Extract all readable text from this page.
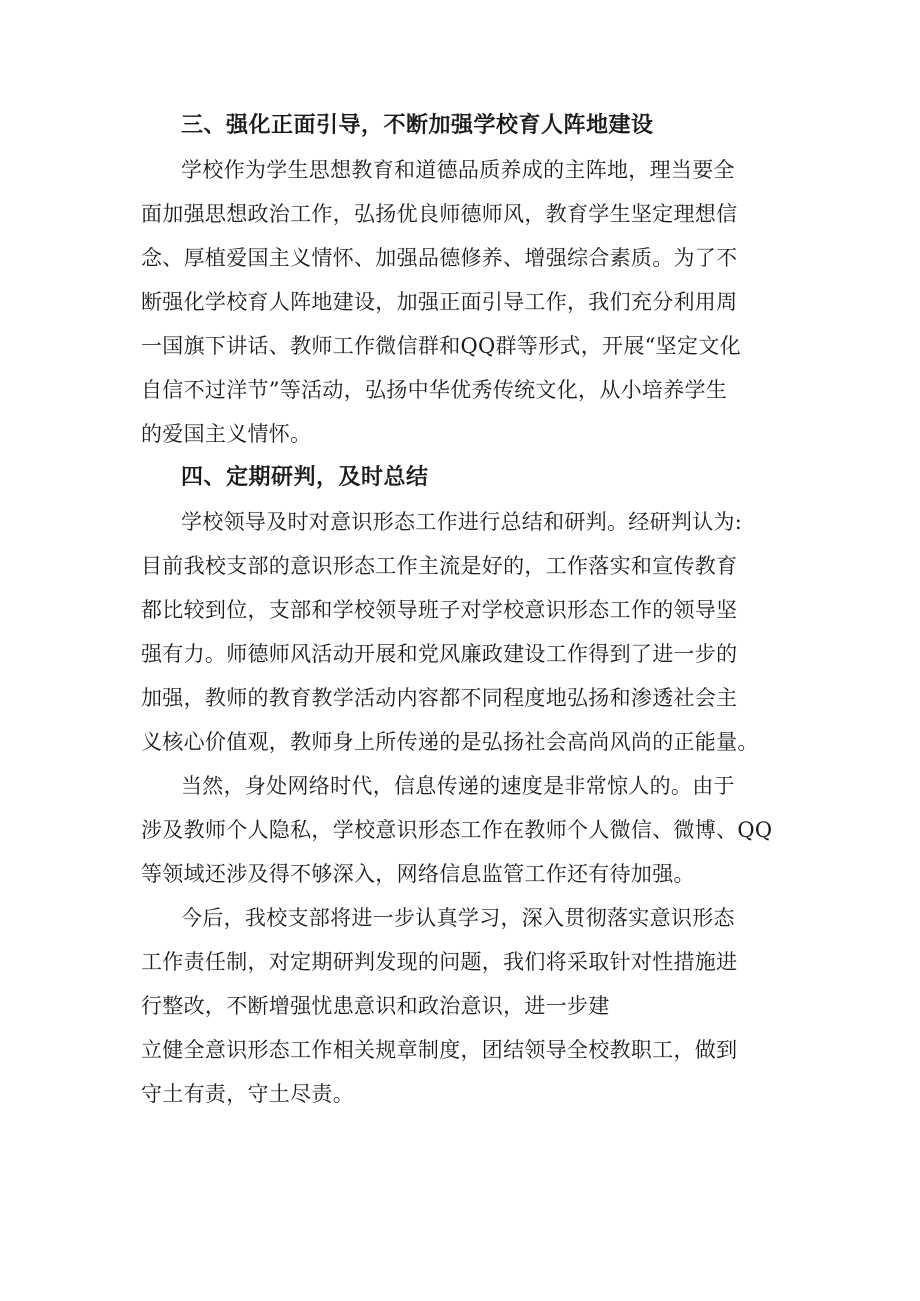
三、强化正面引导，不断加强学校育人阵地建设

学校作为学生思想教育和道德品质养成的主阵地，理当要全
面加强思想政治工作，弘扬优良师德师风，教育学生坚定理想信
念、厚植爱国主义情怀、加强品德修养、增强综合素质。为了不
断强化学校育人阵地建设，加强正面引导工作，我们充分利用周
一国旗下讲话、教师工作微信群和QQ群等形式，开展“坚定文化
自信不过洋节”等活动，弘扬中华优秀传统文化，从小培养学生
的爱国主义情怀。

四、定期研判，及时总结

学校领导及时对意识形态工作进行总结和研判。经研判认为:
目前我校支部的意识形态工作主流是好的，工作落实和宣传教育
都比较到位，支部和学校领导班子对学校意识形态工作的领导坚
强有力。师德师风活动开展和党风廉政建设工作得到了进一步的
加强，教师的教育教学活动内容都不同程度地弘扬和渗透社会主
义核心价值观，教师身上所传递的是弘扬社会高尚风尚的正能量。

当然，身处网络时代，信息传递的速度是非常惊人的。由于
涉及教师个人隐私，学校意识形态工作在教师个人微信、微博、QQ
等领域还涉及得不够深入，网络信息监管工作还有待加强。

今后，我校支部将进一步认真学习，深入贯彻落实意识形态
工作责任制，对定期研判发现的问题，我们将采取针对性措施进
行整改，不断增强忧患意识和政治意识，进一步建
立健全意识形态工作相关规章制度，团结领导全校教职工，做到
守土有责，守土尽责。
